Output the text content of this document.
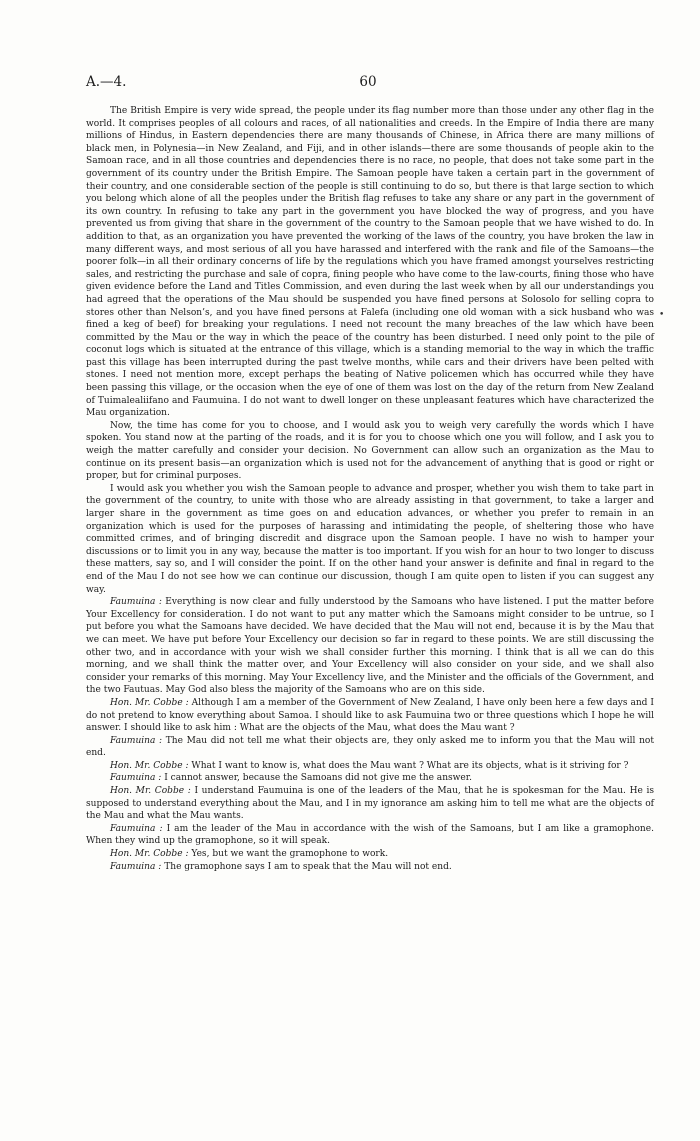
A.—4.	60

The British Empire is very wide spread, the people under its flag number more than those under any other flag in the world. It comprises peoples of all colours and races, of all nationalities and creeds. In the Empire of India there are many millions of Hindus, in Eastern dependencies there are many thousands of Chinese, in Africa there are many millions of black men, in Polynesia—in New Zealand, and Fiji, and in other islands—there are some thousands of people akin to the Samoan race, and in all those countries and dependencies there is no race, no people, that does not take some part in the government of its country under the British Empire. The Samoan people have taken a certain part in the government of their country, and one considerable section of the people is still continuing to do so, but there is that large section to which you belong which alone of all the peoples under the British flag refuses to take any share or any part in the government of its own country. In refusing to take any part in the government you have blocked the way of progress, and you have prevented us from giving that share in the government of the country to the Samoan people that we have wished to do. In addition to that, as an organization you have prevented the working of the laws of the country, you have broken the law in many different ways, and most serious of all you have harassed and interfered with the rank and file of the Samoans—the poorer folk—in all their ordinary concerns of life by the regulations which you have framed amongst yourselves restricting sales, and restricting the purchase and sale of copra, fining people who have come to the law-courts, fining those who have given evidence before the Land and Titles Commission, and even during the last week when by all our understandings you had agreed that the operations of the Mau should be suspended you have fined persons at Solosolo for selling copra to stores other than Nelson’s, and you have fined persons at Falefa (including one old woman with a sick husband who was fined a keg of beef) for breaking your regulations. I need not recount the many breaches of the law which have been committed by the Mau or the way in which the peace of the country has been disturbed. I need only point to the pile of coconut logs which is situated at the entrance of this village, which is a standing memorial to the way in which the traffic past this village has been interrupted during the past twelve months, while cars and their drivers have been pelted with stones. I need not mention more, except perhaps the beating of Native policemen which has occurred while they have been passing this village, or the occasion when the eye of one of them was lost on the day of the return from New Zealand of Tuimalealiifano and Faumuina. I do not want to dwell longer on these unpleasant features which have characterized the Mau organization.

Now, the time has come for you to choose, and I would ask you to weigh very carefully the words which I have spoken. You stand now at the parting of the roads, and it is for you to choose which one you will follow, and I ask you to weigh the matter carefully and consider your decision. No Government can allow such an organization as the Mau to continue on its present basis—an organization which is used not for the advancement of anything that is good or right or proper, but for criminal purposes.

I would ask you whether you wish the Samoan people to advance and prosper, whether you wish them to take part in the government of the country, to unite with those who are already assisting in that government, to take a larger and larger share in the government as time goes on and education advances, or whether you prefer to remain in an organization which is used for the purposes of harassing and intimidating the people, of sheltering those who have committed crimes, and of bringing discredit and disgrace upon the Samoan people. I have no wish to hamper your discussions or to limit you in any way, because the matter is too important. If you wish for an hour to two longer to discuss these matters, say so, and I will consider the point. If on the other hand your answer is definite and final in regard to the end of the Mau I do not see how we can continue our discussion, though I am quite open to listen if you can suggest any way.

Faumuina : Everything is now clear and fully understood by the Samoans who have listened. I put the matter before Your Excellency for consideration. I do not want to put any matter which the Samoans might consider to be untrue, so I put before you what the Samoans have decided. We have decided that the Mau will not end, because it is by the Mau that we can meet. We have put before Your Excellency our decision so far in regard to these points. We are still discussing the other two, and in accordance with your wish we shall consider further this morning. I think that is all we can do this morning, and we shall think the matter over, and Your Excellency will also consider on your side, and we shall also consider your remarks of this morning. May Your Excellency live, and the Minister and the officials of the Government, and the two Fautuas. May God also bless the majority of the Samoans who are on this side.

Hon. Mr. Cobbe : Although I am a member of the Government of New Zealand, I have only been here a few days and I do not pretend to know everything about Samoa. I should like to ask Faumuina two or three questions which I hope he will answer. I should like to ask him : What are the objects of the Mau, what does the Mau want ?

Faumuina : The Mau did not tell me what their objects are, they only asked me to inform you that the Mau will not end.

Hon. Mr. Cobbe : What I want to know is, what does the Mau want ? What are its objects, what is it striving for ?

Faumuina : I cannot answer, because the Samoans did not give me the answer.

Hon. Mr. Cobbe : I understand Faumuina is one of the leaders of the Mau, that he is spokesman for the Mau. He is supposed to understand everything about the Mau, and I in my ignorance am asking him to tell me what are the objects of the Mau and what the Mau wants.

Faumuina : I am the leader of the Mau in accordance with the wish of the Samoans, but I am like a gramophone. When they wind up the gramophone, so it will speak.

Hon. Mr. Cobbe : Yes, but we want the gramophone to work.

Faumuina : The gramophone says I am to speak that the Mau will not end.

•
